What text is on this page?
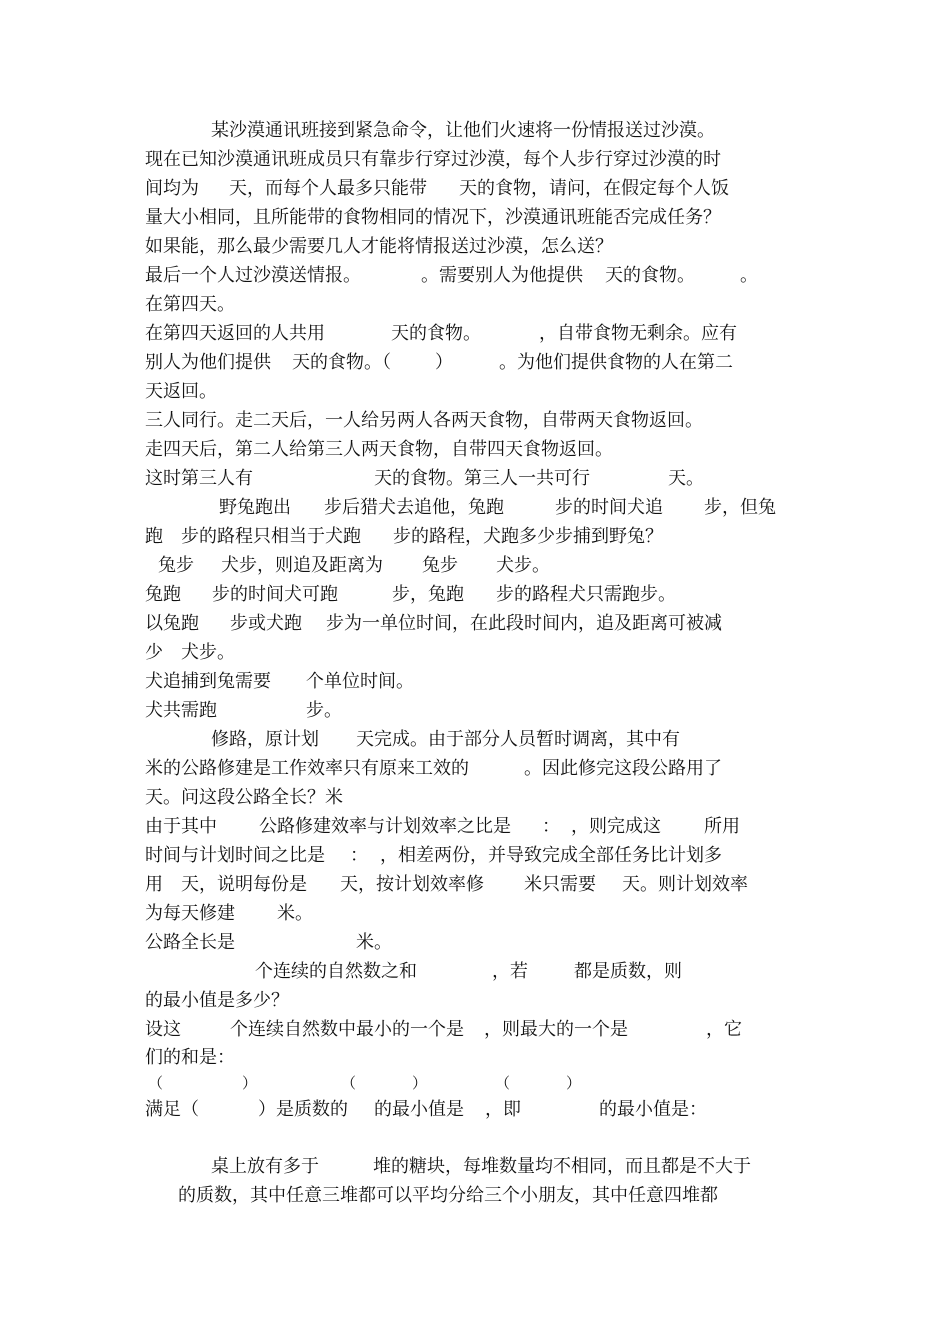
某沙漠通讯班接到紧急命令，让他们火速将一份情报送过沙漠。
现在已知沙漠通讯班成员只有靠步行穿过沙漠，每个人步行穿过沙漠的时
间均为 天，而每个人最多只能带 天的食物，请问，在假定每个人饭
量大小相同，且所能带的食物相同的情况下，沙漠通讯班能否完成任务？
如果能，那么最少需要几人才能将情报送过沙漠，怎么送？
最后一个人过沙漠送情报。	。需要别人为他提供 天的食物。	。
在第四天。
在第四天返回的人共用	天的食物。	，自带食物无剩余。应有
别人为他们提供 天的食物。（ ）	。为他们提供食物的人在第二
天返回。
三人同行。走二天后，一人给另两人各两天食物，自带两天食物返回。
走四天后，第二人给第三人两天食物，自带四天食物返回。
这时第三人有	天的食物。第三人一共可行	天。
野兔跑出 步后猎犬去追他，兔跑	步的时间犬追 步，但兔
跑 步的路程只相当于犬跑 步的路程，犬跑多少步捕到野兔？
兔步 犬步，则追及距离为 兔步 犬步。
兔跑 步的时间犬可跑	步，兔跑 步的路程犬只需跑 步。
以兔跑 步或犬跑 步为一单位时间，在此段时间内，追及距离可被减
少 犬步。
犬追捕到兔需要 个单位时间。
犬共需跑	步。
修路，原计划 天完成。由于部分人员暂时调离，其中有
米的公路修建是工作效率只有原来工效的	。因此修完这段公路用了
天。问这段公路全长？米
由于其中 公路修建效率与计划效率之比是 ： ，则完成这 所用
时间与计划时间之比是 ： ，相差两份，并导致完成全部任务比计划多
用 天，说明每份是 天，按计划效率修 米只需要 天。则计划效率
为每天修建 米。
公路全长是	米。
个连续的自然数之和	，若	都是质数，则
的最小值是多少？
设这	个连续自然数中最小的一个是 ，则最大的一个是	，它
们的和是：
（	）	（	）	（	）
满足（	）是质数的 的最小值是 ，即	的最小值是：
桌上放有多于	堆的糖块，每堆数量均不相同，而且都是不大于
的质数，其中任意三堆都可以平均分给三个小朋友，其中任意四堆都
